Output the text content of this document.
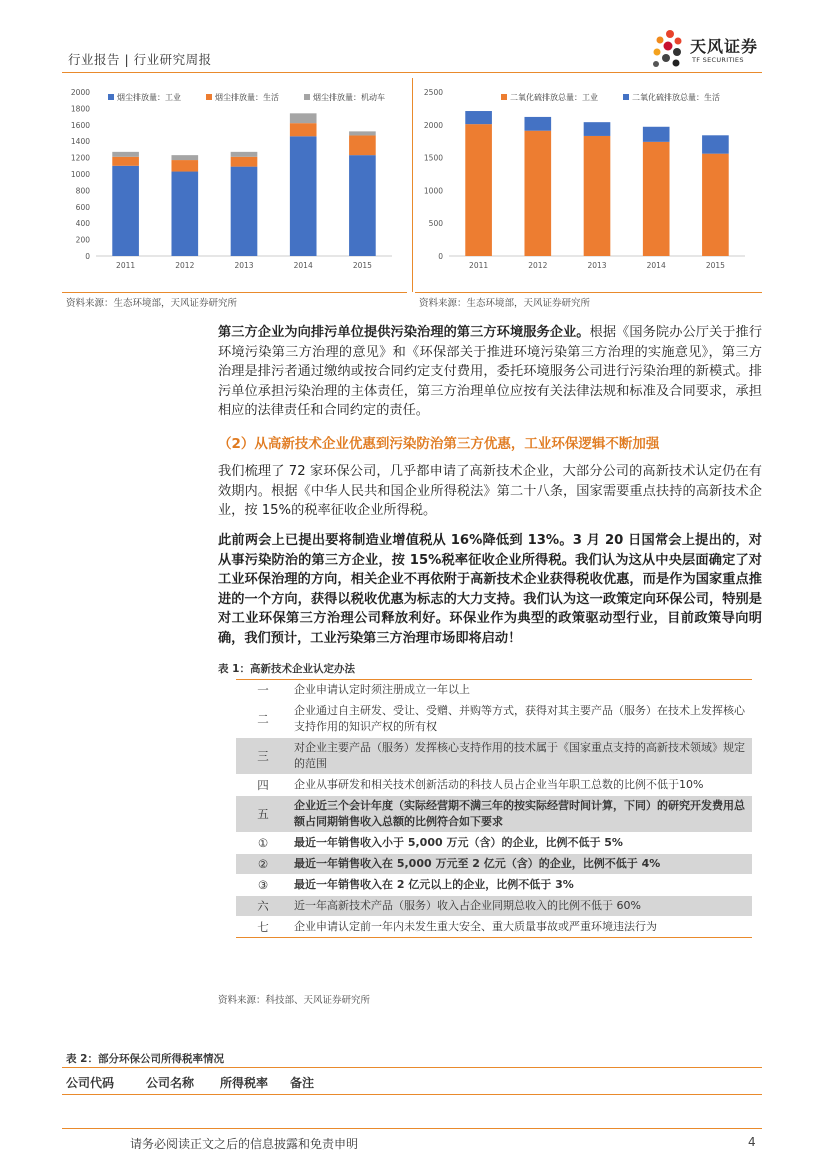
行业报告 | 行业研究周报
天风证券
TF SECURITIES
2000
1800
1600
1400
1200
1000
800
600
400
200
0
2011	2012	2013	2014	2015
烟尘排放量：工业	烟尘排放量：生活	烟尘排放量：机动车
资料来源：生态环境部，天风证券研究所
2500
2000
1500
1000
500
0
2011	2012	2013	2014	2015
二氧化硫排放总量：工业	二氧化硫排放总量：生活
资料来源：生态环境部，天风证券研究所
第三方企业为向排污单位提供污染治理的第三方环境服务企业。根据《国务院办公厅关于推行环境污染第三方治理的意见》和《环保部关于推进环境污染第三方治理的实施意见》，第三方治理是排污者通过缴纳或按合同约定支付费用，委托环境服务公司进行污染治理的新模式。排污单位承担污染治理的主体责任，第三方治理单位应按有关法律法规和标准及合同要求，承担相应的法律责任和合同约定的责任。
（2）从高新技术企业优惠到污染防治第三方优惠，工业环保逻辑不断加强
我们梳理了 72 家环保公司，几乎都申请了高新技术企业，大部分公司的高新技术认定仍在有效期内。根据《中华人民共和国企业所得税法》第二十八条，国家需要重点扶持的高新技术企业，按 15%的税率征收企业所得税。
此前两会上已提出要将制造业增值税从 16%降低到 13%。3 月 20 日国常会上提出的，对从事污染防治的第三方企业，按 15%税率征收企业所得税。我们认为这从中央层面确定了对工业环保治理的方向，相关企业不再依附于高新技术企业获得税收优惠，而是作为国家重点推进的一个方向，获得以税收优惠为标志的大力支持。我们认为这一政策定向环保公司，特别是对工业环保第三方治理公司释放利好。环保业作为典型的政策驱动型行业，目前政策导向明确，我们预计，工业污染第三方治理市场即将启动！
表 1：高新技术企业认定办法
一	企业申请认定时须注册成立一年以上
二	企业通过自主研发、受让、受赠、并购等方式，获得对其主要产品（服务）在技术上发挥核心支持作用的知识产权的所有权
三	对企业主要产品（服务）发挥核心支持作用的技术属于《国家重点支持的高新技术领域》规定的范围
四	企业从事研发和相关技术创新活动的科技人员占企业当年职工总数的比例不低于10%
五	企业近三个会计年度（实际经营期不满三年的按实际经营时间计算，下同）的研究开发费用总额占同期销售收入总额的比例符合如下要求
①	最近一年销售收入小于 5,000 万元（含）的企业，比例不低于 5%
②	最近一年销售收入在 5,000 万元至 2 亿元（含）的企业，比例不低于 4%
③	最近一年销售收入在 2 亿元以上的企业，比例不低于 3%
六	近一年高新技术产品（服务）收入占企业同期总收入的比例不低于 60%
七	企业申请认定前一年内未发生重大安全、重大质量事故或严重环境违法行为
资料来源：科技部、天风证券研究所
表 2：部分环保公司所得税率情况
公司代码	公司名称 所得税率 备注
请务必阅读正文之后的信息披露和免责申明	4
